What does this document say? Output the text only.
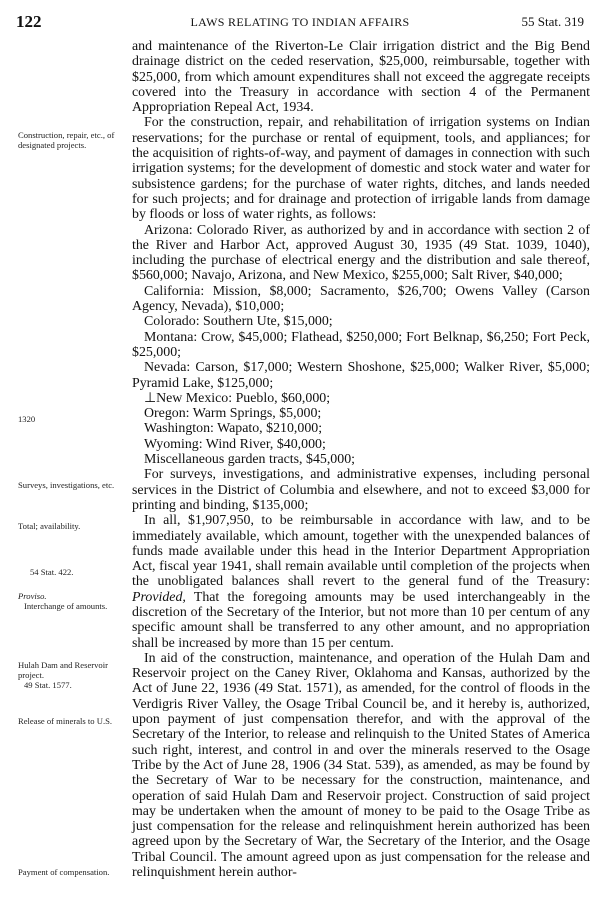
122	LAWS RELATING TO INDIAN AFFAIRS	55 Stat. 319
Construction, repair, etc., of designated projects.
1320
Surveys, investigations, etc.
Total; availability.
54 Stat. 422.
Proviso.
Interchange of amounts.
Hulah Dam and Reservoir project.
49 Stat. 1577.
Release of minerals to U.S.
Payment of compensation.

and maintenance of the Riverton-Le Clair irrigation district and the Big Bend drainage district on the ceded reservation, $25,000, reimbursable, together with $25,000, from which amount expenditures shall not exceed the aggregate receipts covered into the Treasury in accordance with section 4 of the Permanent Appropriation Repeal Act, 1934.

For the construction, repair, and rehabilitation of irrigation systems on Indian reservations; for the purchase or rental of equipment, tools, and appliances; for the acquisition of rights-of-way, and payment of damages in connection with such irrigation systems; for the development of domestic and stock water and water for subsistence gardens; for the purchase of water rights, ditches, and lands needed for such projects; and for drainage and protection of irrigable lands from damage by floods or loss of water rights, as follows:

Arizona: Colorado River, as authorized by and in accordance with section 2 of the River and Harbor Act, approved August 30, 1935 (49 Stat. 1039, 1040), including the purchase of electrical energy and the distribution and sale thereof, $560,000; Navajo, Arizona, and New Mexico, $255,000; Salt River, $40,000;

California: Mission, $8,000; Sacramento, $26,700; Owens Valley (Carson Agency, Nevada), $10,000;

Colorado: Southern Ute, $15,000;

Montana: Crow, $45,000; Flathead, $250,000; Fort Belknap, $6,250; Fort Peck, $25,000;

Nevada: Carson, $17,000; Western Shoshone, $25,000; Walker River, $5,000; Pyramid Lake, $125,000;

⊥New Mexico: Pueblo, $60,000;

Oregon: Warm Springs, $5,000;

Washington: Wapato, $210,000;

Wyoming: Wind River, $40,000;

Miscellaneous garden tracts, $45,000;

For surveys, investigations, and administrative expenses, including personal services in the District of Columbia and elsewhere, and not to exceed $3,000 for printing and binding, $135,000;

In all, $1,907,950, to be reimbursable in accordance with law, and to be immediately available, which amount, together with the unexpended balances of funds made available under this head in the Interior Department Appropriation Act, fiscal year 1941, shall remain available until completion of the projects when the unobligated balances shall revert to the general fund of the Treasury: Provided, That the foregoing amounts may be used interchangeably in the discretion of the Secretary of the Interior, but not more than 10 per centum of any specific amount shall be transferred to any other amount, and no appropriation shall be increased by more than 15 per centum.

In aid of the construction, maintenance, and operation of the Hulah Dam and Reservoir project on the Caney River, Oklahoma and Kansas, authorized by the Act of June 22, 1936 (49 Stat. 1571), as amended, for the control of floods in the Verdigris River Valley, the Osage Tribal Council be, and it hereby is, authorized, upon payment of just compensation therefor, and with the approval of the Secretary of the Interior, to release and relinquish to the United States of America such right, interest, and control in and over the minerals reserved to the Osage Tribe by the Act of June 28, 1906 (34 Stat. 539), as amended, as may be found by the Secretary of War to be necessary for the construction, maintenance, and operation of said Hulah Dam and Reservoir project. Construction of said project may be undertaken when the amount of money to be paid to the Osage Tribe as just compensation for the release and relinquishment herein authorized has been agreed upon by the Secretary of War, the Secretary of the Interior, and the Osage Tribal Council. The amount agreed upon as just compensation for the release and relinquishment herein author-
